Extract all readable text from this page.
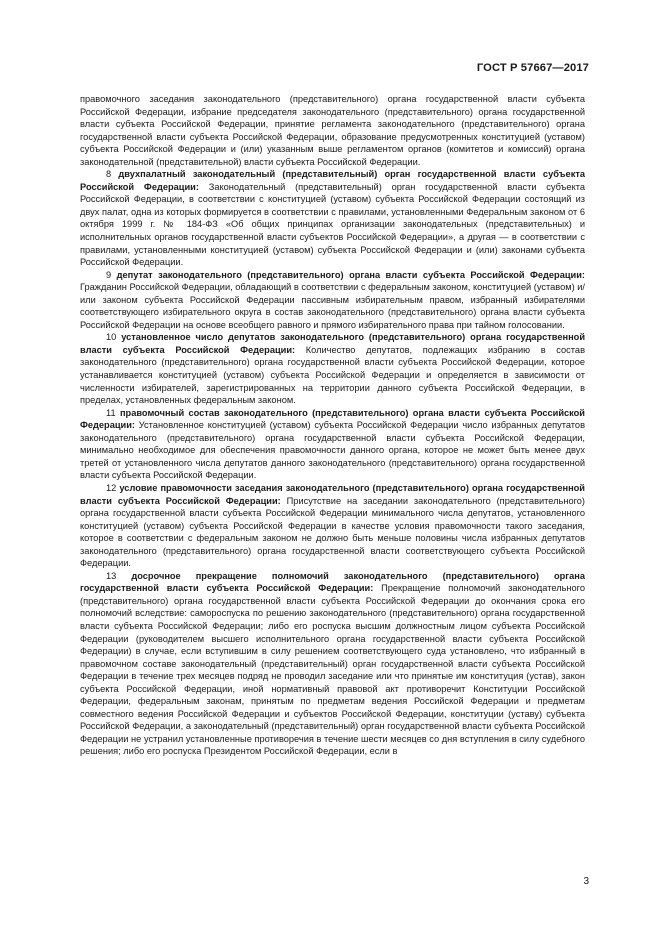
ГОСТ Р 57667—2017

правомочного заседания законодательного (представительного) органа государственной власти субъекта Российской Федерации, избрание председателя законодательного (представительного) органа государственной власти субъекта Российской Федерации, принятие регламента законодательного (представительного) органа государственной власти субъекта Российской Федерации, образование предусмотренных конституцией (уставом) субъекта Российской Федерации и (или) указанным выше регламентом органов (комитетов и комиссий) органа законодательной (представительной) власти субъекта Российской Федерации.

8 двухпалатный законодательный (представительный) орган государственной власти субъекта Российской Федерации: Законодательный (представительный) орган государственной власти субъекта Российской Федерации, в соответствии с конституцией (уставом) субъекта Российской Федерации состоящий из двух палат, одна из которых формируется в соответствии с правилами, установленными Федеральным законом от 6 октября 1999 г. № 184-ФЗ «Об общих принципах организации законодательных (представительных) и исполнительных органов государственной власти субъектов Российской Федерации», а другая — в соответствии с правилами, установленными конституцией (уставом) субъекта Российской Федерации и (или) законами субъекта Российской Федерации.

9 депутат законодательного (представительного) органа власти субъекта Российской Федерации: Гражданин Российской Федерации, обладающий в соответствии с федеральным законом, конституцией (уставом) и/или законом субъекта Российской Федерации пассивным избирательным правом, избранный избирателями соответствующего избирательного округа в состав законодательного (представительного) органа власти субъекта Российской Федерации на основе всеобщего равного и прямого избирательного права при тайном голосовании.

10 установленное число депутатов законодательного (представительного) органа государственной власти субъекта Российской Федерации: Количество депутатов, подлежащих избранию в состав законодательного (представительного) органа государственной власти субъекта Российской Федерации, которое устанавливается конституцией (уставом) субъекта Российской Федерации и определяется в зависимости от численности избирателей, зарегистрированных на территории данного субъекта Российской Федерации, в пределах, установленных федеральным законом.

11 правомочный состав законодательного (представительного) органа власти субъекта Российской Федерации: Установленное конституцией (уставом) субъекта Российской Федерации число избранных депутатов законодательного (представительного) органа государственной власти субъекта Российской Федерации, минимально необходимое для обеспечения правомочности данного органа, которое не может быть менее двух третей от установленного числа депутатов данного законодательного (представительного) органа государственной власти субъекта Российской Федерации.

12 условие правомочности заседания законодательного (представительного) органа государственной власти субъекта Российской Федерации: Присутствие на заседании законодательного (представительного) органа государственной власти субъекта Российской Федерации минимального числа депутатов, установленного конституцией (уставом) субъекта Российской Федерации в качестве условия правомочности такого заседания, которое в соответствии с федеральным законом не должно быть меньше половины числа избранных депутатов законодательного (представительного) органа государственной власти соответствующего субъекта Российской Федерации.

13 досрочное прекращение полномочий законодательного (представительного) органа государственной власти субъекта Российской Федерации: Прекращение полномочий законодательного (представительного) органа государственной власти субъекта Российской Федерации до окончания срока его полномочий вследствие: самороспуска по решению законодательного (представительного) органа государственной власти субъекта Российской Федерации; либо его роспуска высшим должностным лицом субъекта Российской Федерации (руководителем высшего исполнительного органа государственной власти субъекта Российской Федерации) в случае, если вступившим в силу решением соответствующего суда установлено, что избранный в правомочном составе законодательный (представительный) орган государственной власти субъекта Российской Федерации в течение трех месяцев подряд не проводил заседание или что принятые им конституция (устав), закон субъекта Российской Федерации, иной нормативный правовой акт противоречит Конституции Российской Федерации, федеральным законам, принятым по предметам ведения Российской Федерации и предметам совместного ведения Российской Федерации и субъектов Российской Федерации, конституции (уставу) субъекта Российской Федерации, а законодательный (представительный) орган государственной власти субъекта Российской Федерации не устранил установленные противоречия в течение шести месяцев со дня вступления в силу судебного решения; либо его роспуска Президентом Российской Федерации, если в

3
